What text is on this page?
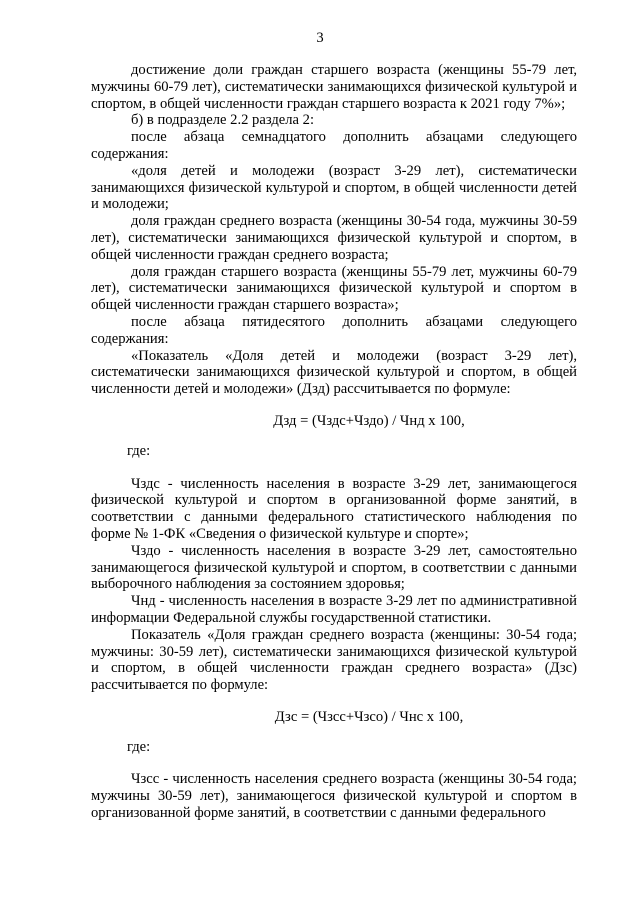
3

достижение доли граждан старшего возраста (женщины 55-79 лет, мужчины 60-79 лет), систематически занимающихся физической культурой и спортом, в общей численности граждан старшего возраста к 2021 году 7%»;

б) в подразделе 2.2 раздела 2:

после абзаца семнадцатого дополнить абзацами следующего содержания:

«доля детей и молодежи (возраст 3-29 лет), систематически занимающихся физической культурой и спортом, в общей численности детей и молодежи;

доля граждан среднего возраста (женщины 30-54 года, мужчины 30-59 лет), систематически занимающихся физической культурой и спортом, в общей численности граждан среднего возраста;

доля граждан старшего возраста (женщины 55-79 лет, мужчины 60-79 лет), систематически занимающихся физической культурой и спортом в общей численности граждан старшего возраста»;

после абзаца пятидесятого дополнить абзацами следующего содержания:

«Показатель «Доля детей и молодежи (возраст 3-29 лет), систематически занимающихся физической культурой и спортом, в общей численности детей и молодежи» (Дзд) рассчитывается по формуле:

Дзд = (Чздс+Чздо) / Чнд х 100,

где:

Чздс - численность населения в возрасте 3-29 лет, занимающегося физической культурой и спортом в организованной форме занятий, в соответствии с данными федерального статистического наблюдения по форме № 1-ФК «Сведения о физической культуре и спорте»;

Чздо - численность населения в возрасте 3-29 лет, самостоятельно занимающегося физической культурой и спортом, в соответствии с данными выборочного наблюдения за состоянием здоровья;

Чнд - численность населения в возрасте 3-29 лет по административной информации Федеральной службы государственной статистики.

Показатель «Доля граждан среднего возраста (женщины: 30-54 года; мужчины: 30-59 лет), систематически занимающихся физической культурой и спортом, в общей численности граждан среднего возраста» (Дзс) рассчитывается по формуле:

Дзс = (Чзсс+Чзсо) / Чнс х 100,

где:

Чзсс - численность населения среднего возраста (женщины 30-54 года; мужчины 30-59 лет), занимающегося физической культурой и спортом в организованной форме занятий, в соответствии с данными федерального
